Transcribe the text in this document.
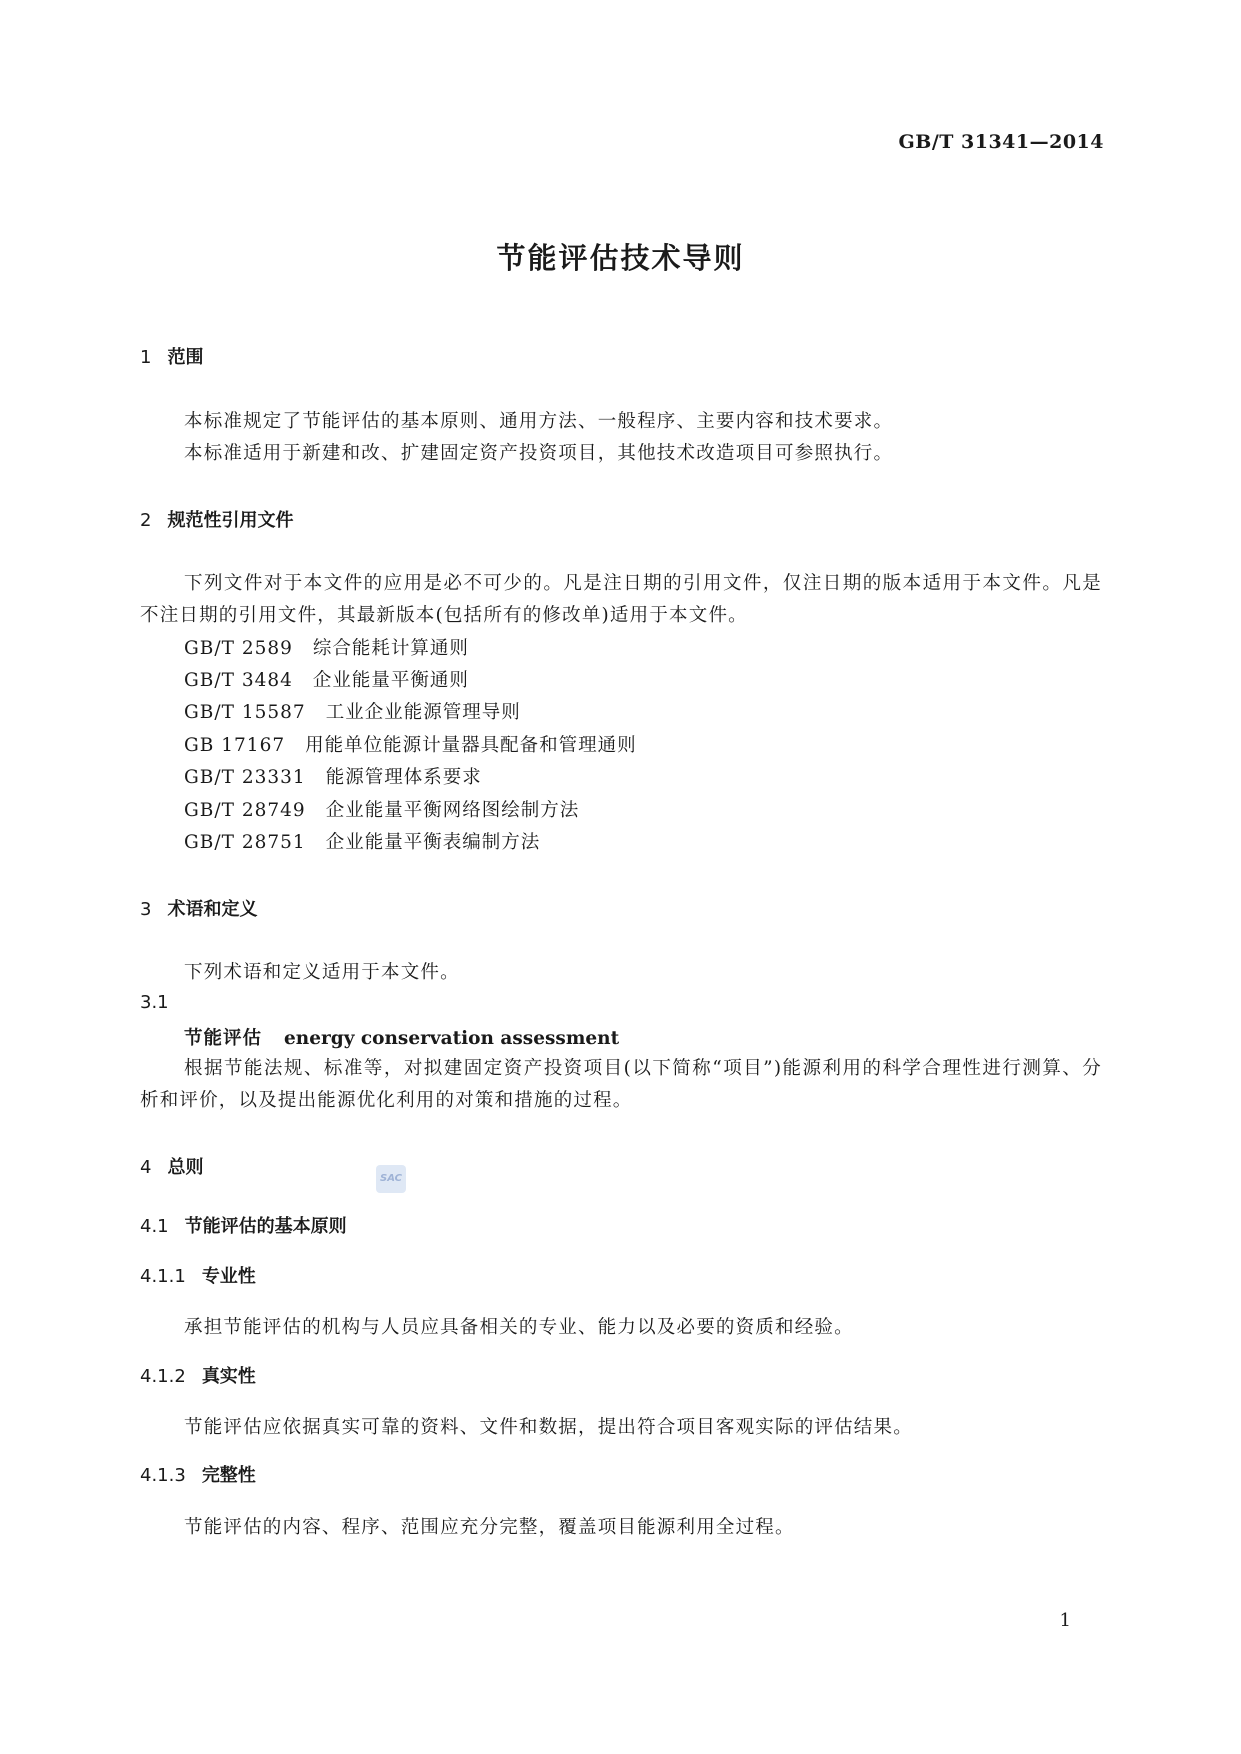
GB/T 31341—2014
节能评估技术导则
1 范围
本标准规定了节能评估的基本原则、通用方法、一般程序、主要内容和技术要求。
本标准适用于新建和改、扩建固定资产投资项目，其他技术改造项目可参照执行。
2 规范性引用文件
下列文件对于本文件的应用是必不可少的。凡是注日期的引用文件，仅注日期的版本适用于本文件。凡是不注日期的引用文件，其最新版本(包括所有的修改单)适用于本文件。
GB/T 2589 综合能耗计算通则
GB/T 3484 企业能量平衡通则
GB/T 15587 工业企业能源管理导则
GB 17167 用能单位能源计量器具配备和管理通则
GB/T 23331 能源管理体系要求
GB/T 28749 企业能量平衡网络图绘制方法
GB/T 28751 企业能量平衡表编制方法
3 术语和定义
下列术语和定义适用于本文件。
3.1
节能评估 energy conservation assessment
根据节能法规、标准等，对拟建固定资产投资项目(以下简称“项目”)能源利用的科学合理性进行测算、分析和评价，以及提出能源优化利用的对策和措施的过程。
4 总则
SAC
4.1 节能评估的基本原则
4.1.1 专业性
承担节能评估的机构与人员应具备相关的专业、能力以及必要的资质和经验。
4.1.2 真实性
节能评估应依据真实可靠的资料、文件和数据，提出符合项目客观实际的评估结果。
4.1.3 完整性
节能评估的内容、程序、范围应充分完整，覆盖项目能源利用全过程。
1
